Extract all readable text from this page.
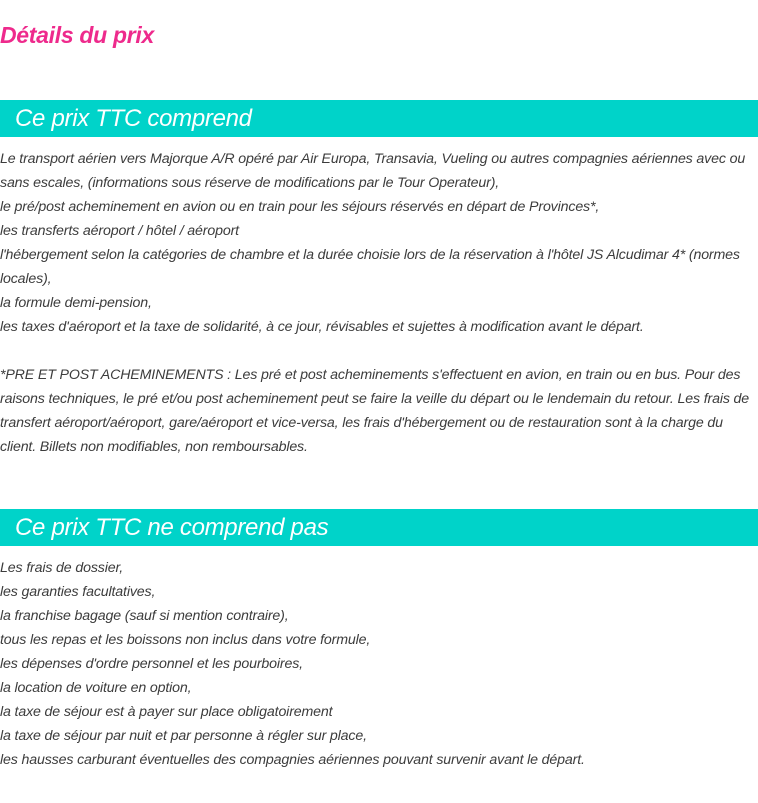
Détails du prix
Ce prix TTC comprend

Le transport aérien vers Majorque A/R opéré par Air Europa, Transavia, Vueling ou autres compagnies aériennes avec ou sans escales, (informations sous réserve de modifications par le Tour Operateur),

le pré/post acheminement en avion ou en train pour les séjours réservés en départ de Provinces*,

les transferts aéroport / hôtel / aéroport

l'hébergement selon la catégories de chambre et la durée choisie lors de la réservation à l'hôtel JS Alcudimar 4* (normes locales),

la formule demi-pension,

les taxes d'aéroport et la taxe de solidarité, à ce jour, révisables et sujettes à modification avant le départ.

*PRE ET POST ACHEMINEMENTS : Les pré et post acheminements s'effectuent en avion, en train ou en bus. Pour des raisons techniques, le pré et/ou post acheminement peut se faire la veille du départ ou le lendemain du retour. Les frais de transfert aéroport/aéroport, gare/aéroport et vice-versa, les frais d'hébergement ou de restauration sont à la charge du client. Billets non modifiables, non remboursables.

Ce prix TTC ne comprend pas

Les frais de dossier,

les garanties facultatives,

la franchise bagage (sauf si mention contraire),

tous les repas et les boissons non inclus dans votre formule,

les dépenses d'ordre personnel et les pourboires,

la location de voiture en option,

la taxe de séjour est à payer sur place obligatoirement

la taxe de séjour par nuit et par personne à régler sur place,

les hausses carburant éventuelles des compagnies aériennes pouvant survenir avant le départ.
